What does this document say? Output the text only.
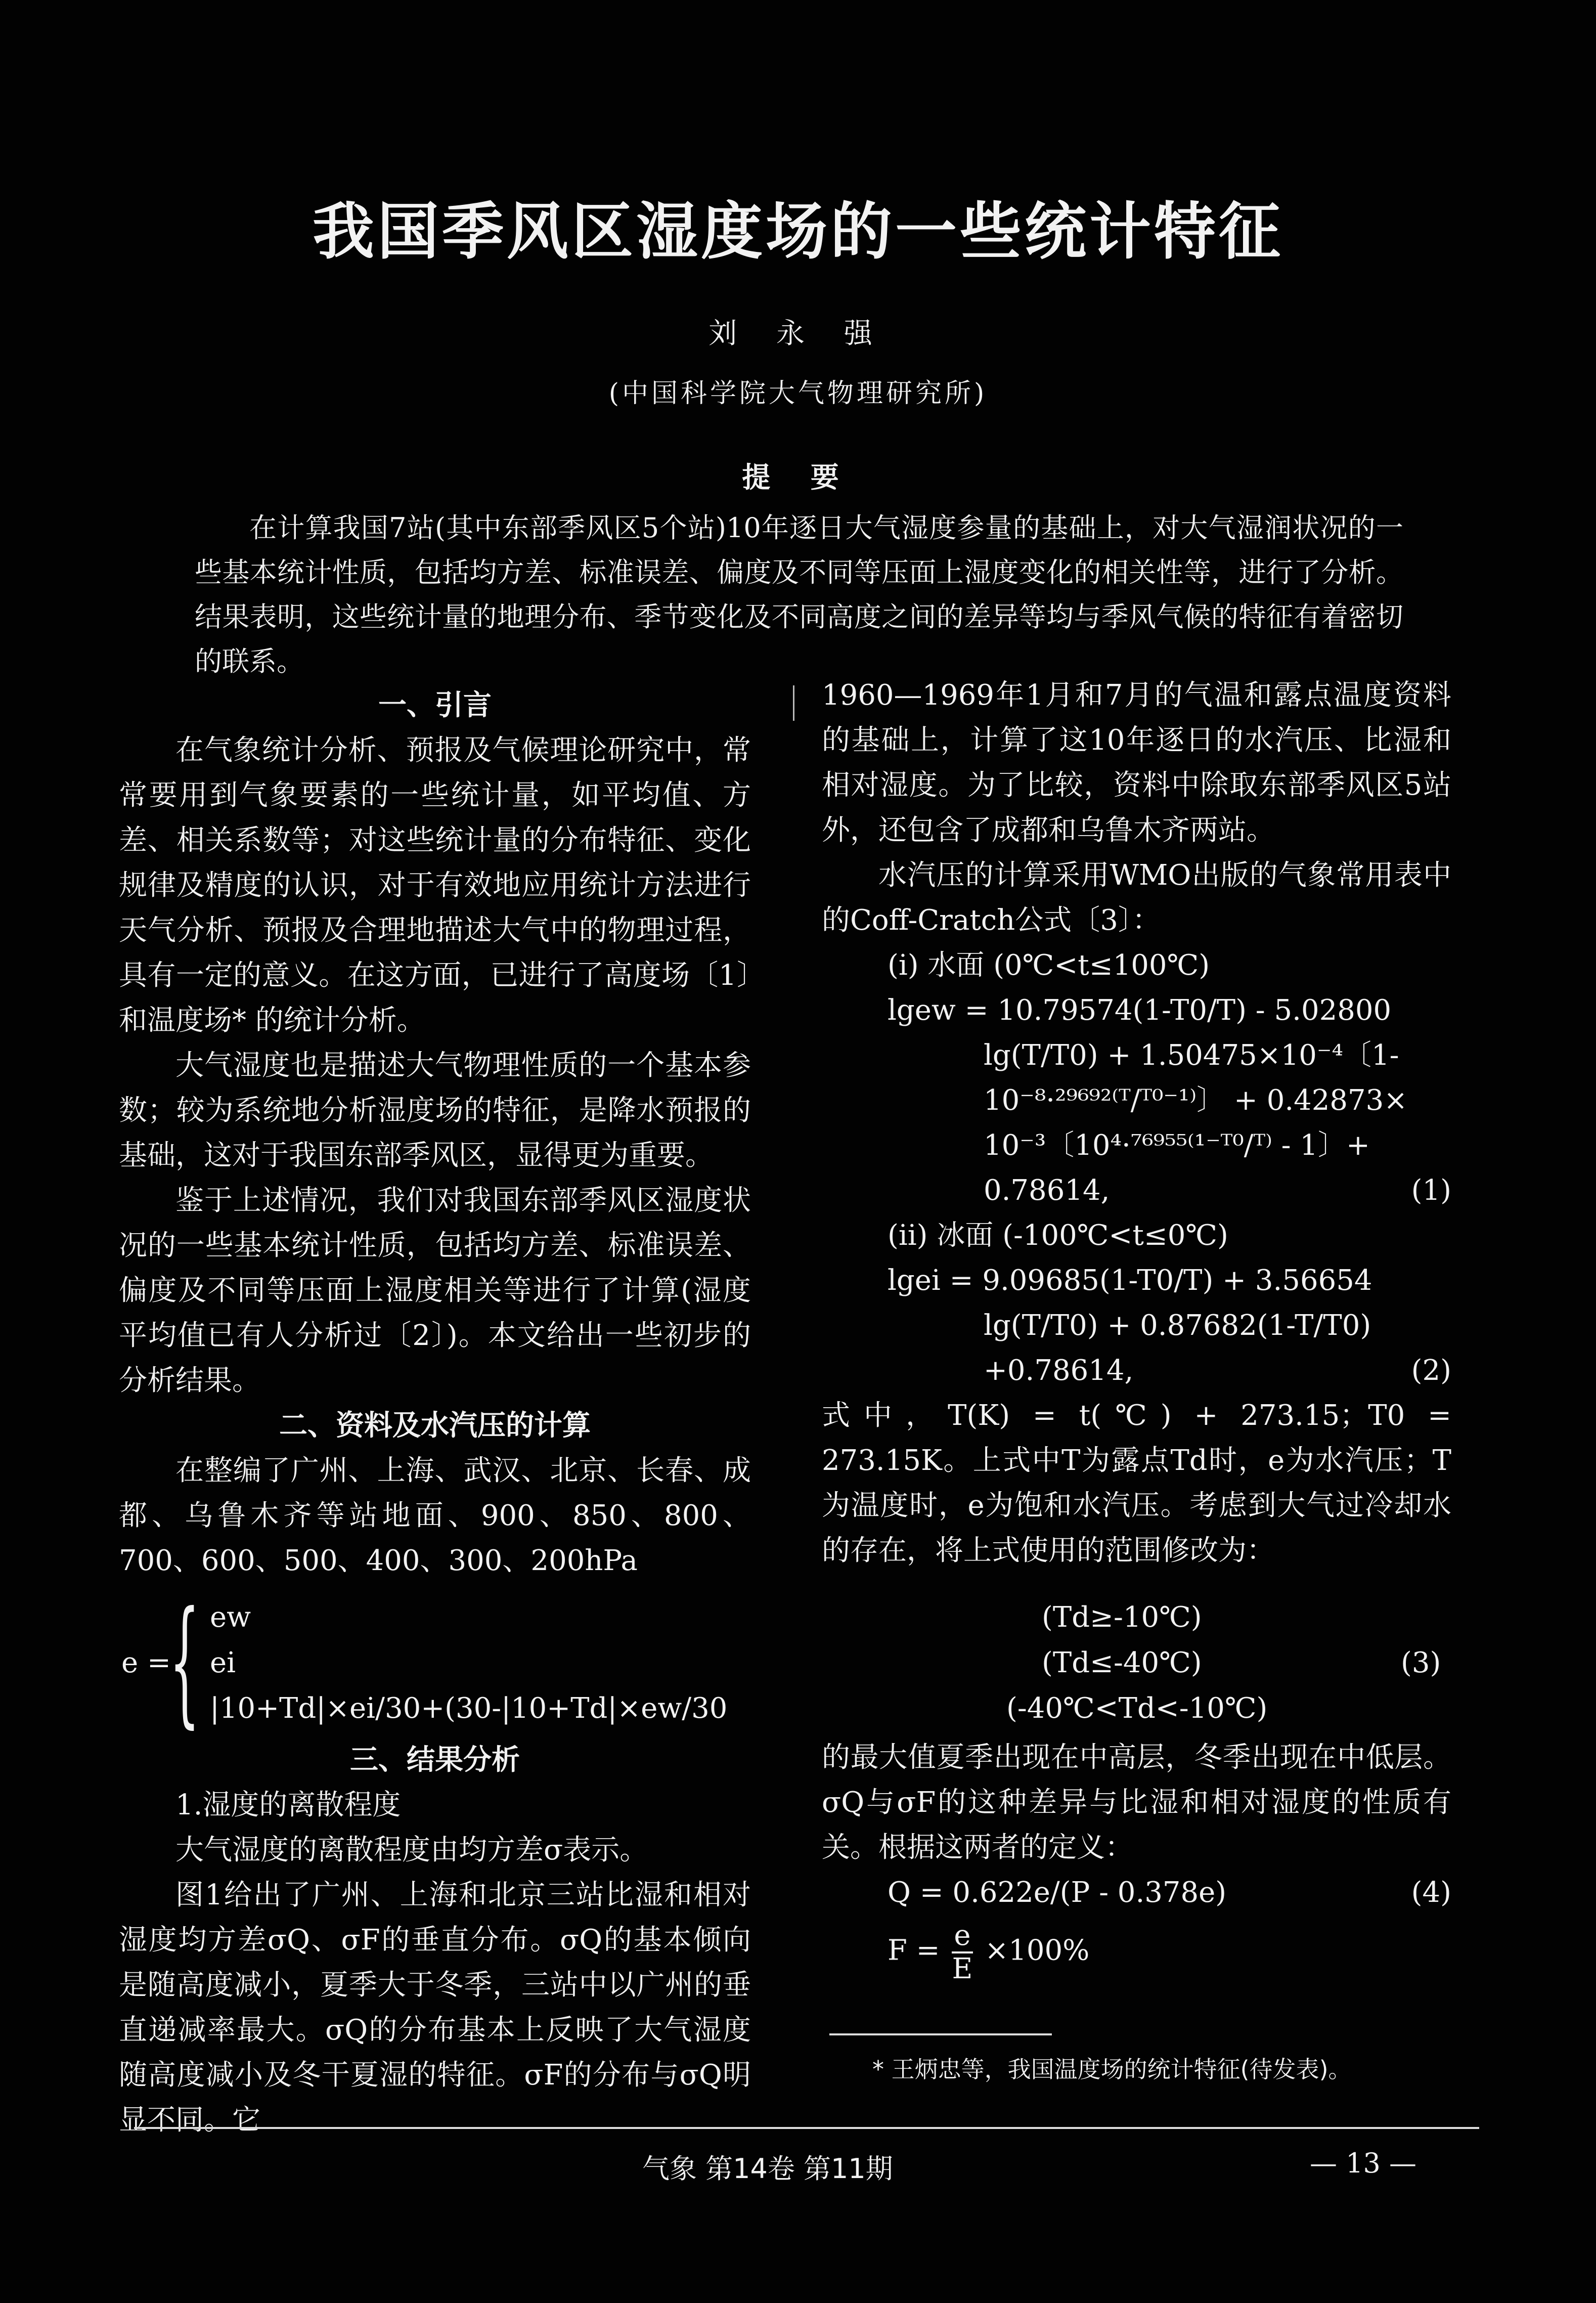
我国季风区湿度场的一些统计特征
刘 永 强
(中国科学院大气物理研究所)
提 要

在计算我国7站(其中东部季风区5个站)10年逐日大气湿度参量的基础上，对大气湿润状况的一些基本统计性质，包括均方差、标准误差、偏度及不同等压面上湿度变化的相关性等，进行了分析。结果表明，这些统计量的地理分布、季节变化及不同高度之间的差异等均与季风气候的特征有着密切的联系。

一、引言

在气象统计分析、预报及气候理论研究中，常常要用到气象要素的一些统计量，如平均值、方差、相关系数等；对这些统计量的分布特征、变化规律及精度的认识，对于有效地应用统计方法进行天气分析、预报及合理地描述大气中的物理过程，具有一定的意义。在这方面，已进行了高度场〔1〕和温度场* 的统计分析。

大气湿度也是描述大气物理性质的一个基本参数；较为系统地分析湿度场的特征，是降水预报的基础，这对于我国东部季风区，显得更为重要。

鉴于上述情况，我们对我国东部季风区湿度状况的一些基本统计性质，包括均方差、标准误差、偏度及不同等压面上湿度相关等进行了计算(湿度平均值已有人分析过〔2〕)。本文给出一些初步的分析结果。

二、资料及水汽压的计算

在整编了广州、上海、武汉、北京、长春、成都、乌鲁木齐等站地面、900、850、800、700、600、500、400、300、200hPa

1960—1969年1月和7月的气温和露点温度资料的基础上，计算了这10年逐日的水汽压、比湿和相对湿度。为了比较，资料中除取东部季风区5站外，还包含了成都和乌鲁木齐两站。

水汽压的计算采用WMO出版的气象常用表中的Coff-Cratch公式〔3〕：

(i) 水面 (0℃<t≤100℃)

lgew = 10.79574(1-T0/T) - 5.02800

lg(T/T0) + 1.50475×10⁻⁴〔1-

10⁻⁸·²⁹⁶⁹²⁽ᵀ/ᵀ⁰⁻¹⁾〕 + 0.42873×

10⁻³〔10⁴·⁷⁶⁹⁵⁵⁽¹⁻ᵀ⁰/ᵀ⁾ - 1〕+

0.78614,	(1)

(ii) 冰面 (-100℃<t≤0℃)

lgei = 9.09685(1-T0/T) + 3.56654

lg(T/T0) + 0.87682(1-T/T0)

+0.78614,	(2)

式中，T(K) = t(℃) + 273.15；T0 = 273.15K。上式中T为露点Td时，e为水汽压；T为温度时，e为饱和水汽压。考虑到大气过冷却水的存在，将上式使用的范围修改为：

e =
{ ew
ei
|10+Td|×ei/30+(30-|10+Td|×ew/30
(Td≥-10℃)
(Td≤-40℃)
(-40℃<Td<-10℃)
(3)
三、结果分析

1.湿度的离散程度

大气湿度的离散程度由均方差σ表示。

图1给出了广州、上海和北京三站比湿和相对湿度均方差σQ、σF的垂直分布。σQ的基本倾向是随高度减小，夏季大于冬季，三站中以广州的垂直递减率最大。σQ的分布基本上反映了大气湿度随高度减小及冬干夏湿的特征。σF的分布与σQ明显不同。它

的最大值夏季出现在中高层，冬季出现在中低层。σQ与σF的这种差异与比湿和相对湿度的性质有关。根据这两者的定义：

Q = 0.622e/(P - 0.378e)	(4)

$F = \frac{e}{E} \times 100\%$

* 王炳忠等，我国温度场的统计特征(待发表)。
气象 第14卷 第11期	— 13 —
